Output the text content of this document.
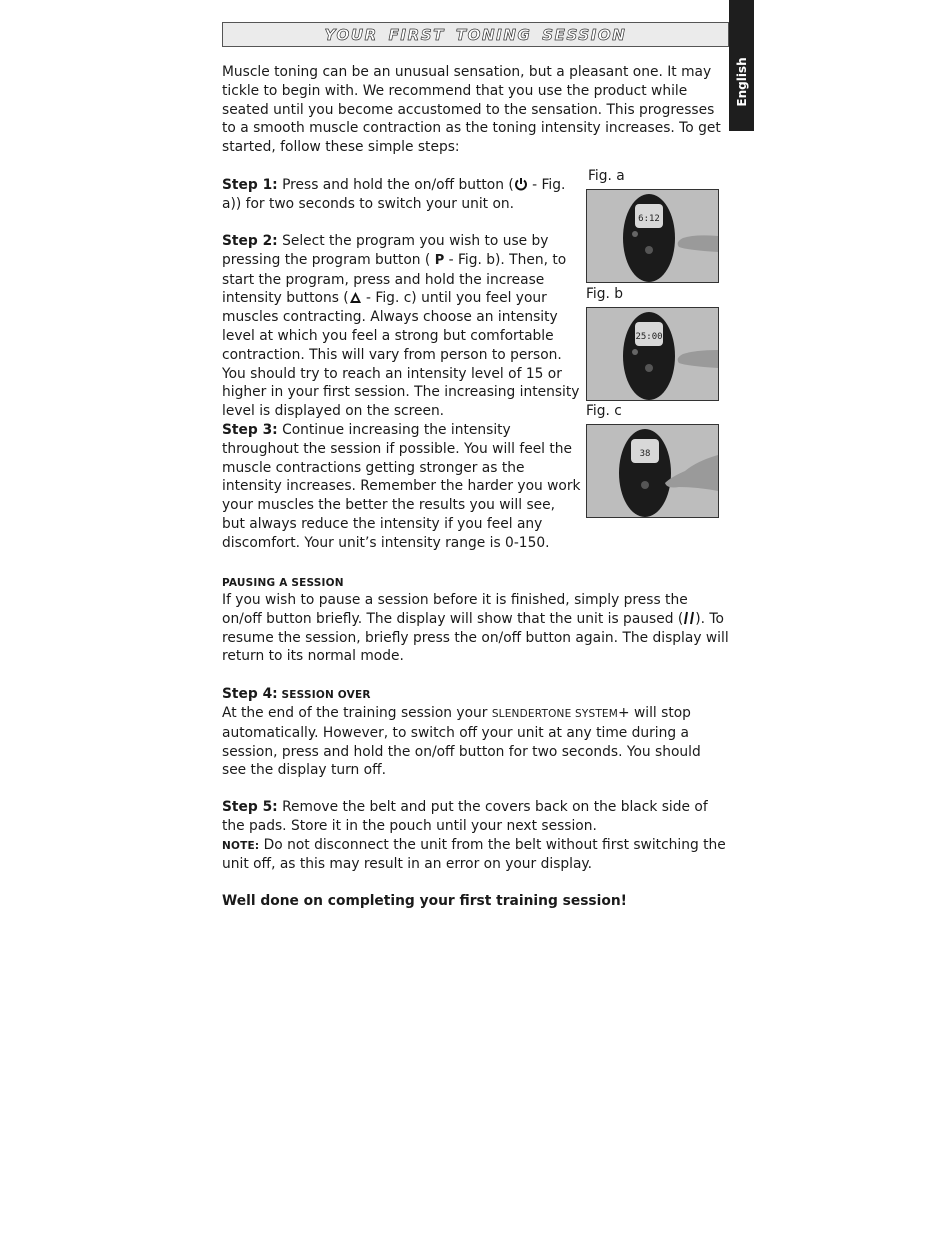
English
YOUR FIRST TONING SESSION

Muscle toning can be an unusual sensation, but a pleasant one. It may tickle to begin with. We recommend that you use the product while seated until you become accustomed to the sensation. This progresses to a smooth muscle contraction as the toning intensity increases. To get started, follow these simple steps:

Step 1: Press and hold the on/off button ( - Fig. a)) for two seconds to switch your unit on.

Step 2: Select the program you wish to use by pressing the program button ( P - Fig. b). Then, to start the program, press and hold the increase intensity buttons ( - Fig. c) until you feel your muscles contracting. Always choose an intensity level at which you feel a strong but comfortable contraction. This will vary from person to person. You should try to reach an intensity level of 15 or higher in your first session. The increasing intensity level is displayed on the screen.

Step 3: Continue increasing the intensity throughout the session if possible. You will feel the muscle contractions getting stronger as the intensity increases. Remember the harder you work your muscles the better the results you will see, but always reduce the intensity if you feel any discomfort. Your unit’s intensity range is 0-150.

PAUSING A SESSION

If you wish to pause a session before it is finished, simply press the on/off button briefly. The display will show that the unit is paused ( ). To resume the session, briefly press the on/off button again. The display will return to its normal mode.

Step 4: SESSION OVER

At the end of the training session your SLENDERTONE SYSTEM+ will stop automatically. However, to switch off your unit at any time during a session, press and hold the on/off button for two seconds. You should see the display turn off.

Step 5: Remove the belt and put the covers back on the black side of the pads. Store it in the pouch until your next session.
NOTE: Do not disconnect the unit from the belt without first switching the unit off, as this may result in an error on your display.

Well done on completing your first training session!

Fig. a
6:12
Fig. b
25:00
Fig. c
38
